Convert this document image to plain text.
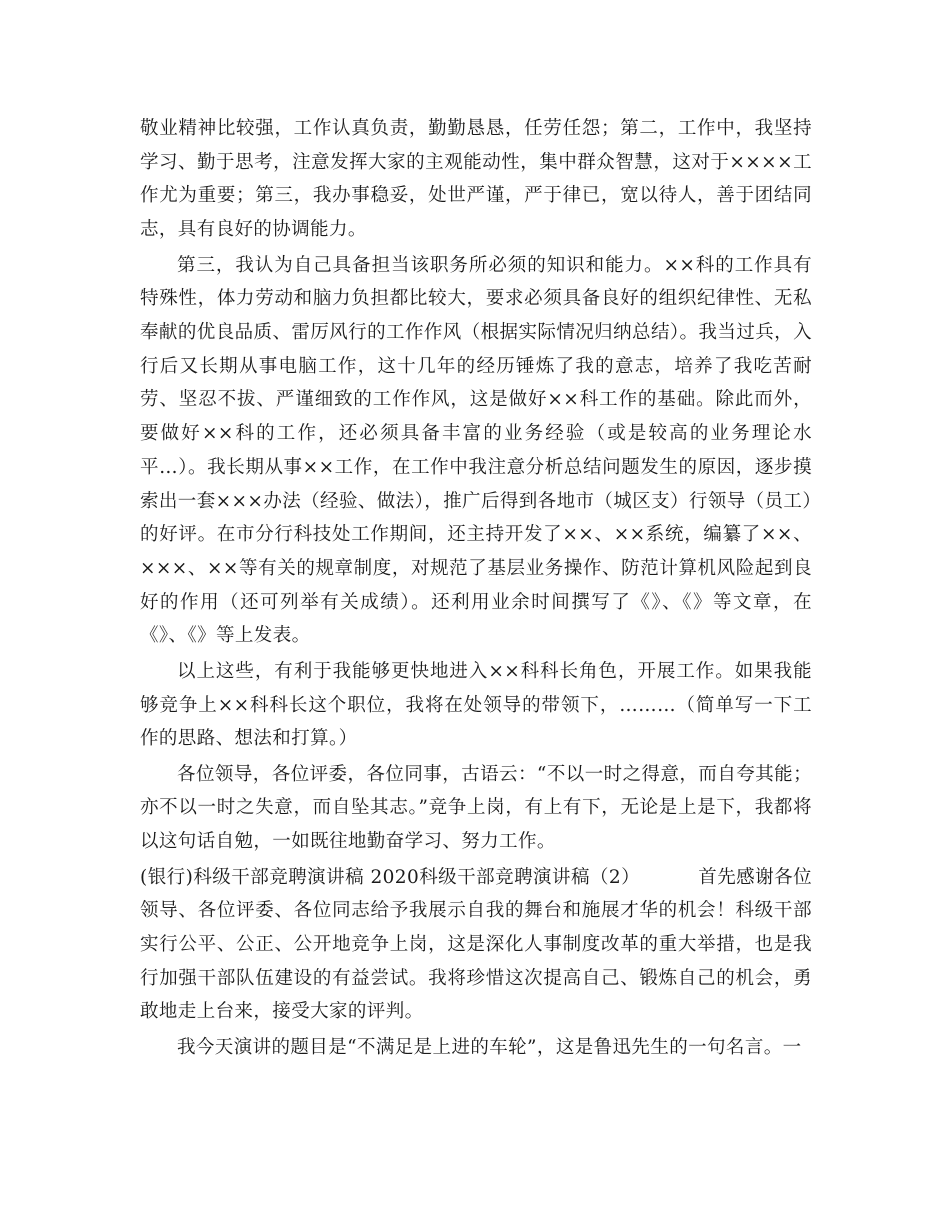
敬业精神比较强，工作认真负责，勤勤恳恳，任劳任怨；第二，工作中，我坚持学习、勤于思考，注意发挥大家的主观能动性，集中群众智慧，这对于××××工作尤为重要；第三，我办事稳妥，处世严谨，严于律已，宽以待人，善于团结同志，具有良好的协调能力。

第三，我认为自己具备担当该职务所必须的知识和能力。××科的工作具有特殊性，体力劳动和脑力负担都比较大，要求必须具备良好的组织纪律性、无私奉献的优良品质、雷厉风行的工作作风（根据实际情况归纳总结）。我当过兵，入行后又长期从事电脑工作，这十几年的经历锤炼了我的意志，培养了我吃苦耐劳、坚忍不拔、严谨细致的工作作风，这是做好××科工作的基础。除此而外，要做好××科的工作，还必须具备丰富的业务经验（或是较高的业务理论水平…）。我长期从事××工作，在工作中我注意分析总结问题发生的原因，逐步摸索出一套×××办法（经验、做法），推广后得到各地市（城区支）行领导（员工）的好评。在市分行科技处工作期间，还主持开发了××、××系统，编纂了××、×××、××等有关的规章制度，对规范了基层业务操作、防范计算机风险起到良好的作用（还可列举有关成绩）。还利用业余时间撰写了《》、《》等文章，在《》、《》等上发表。

以上这些，有利于我能够更快地进入××科科长角色，开展工作。如果我能够竞争上××科科长这个职位，我将在处领导的带领下，………（简单写一下工作的思路、想法和打算。）

各位领导，各位评委，各位同事，古语云：“不以一时之得意，而自夸其能；亦不以一时之失意，而自坠其志。”竞争上岗，有上有下，无论是上是下，我都将以这句话自勉，一如既往地勤奋学习、努力工作。

(银行)科级干部竞聘演讲稿 2020科级干部竞聘演讲稿（2）	首先感谢各位领导、各位评委、各位同志给予我展示自我的舞台和施展才华的机会！科级干部实行公平、公正、公开地竞争上岗，这是深化人事制度改革的重大举措，也是我行加强干部队伍建设的有益尝试。我将珍惜这次提高自己、锻炼自己的机会，勇敢地走上台来，接受大家的评判。

我今天演讲的题目是“不满足是上进的车轮”，这是鲁迅先生的一句名言。一
